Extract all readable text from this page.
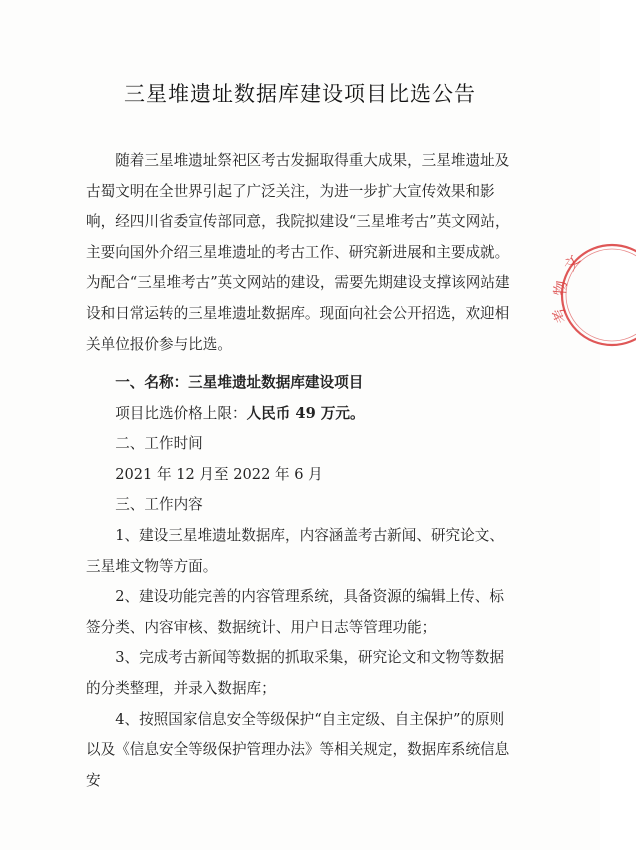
三星堆遗址数据库建设项目比选公告

随着三星堆遗址祭祀区考古发掘取得重大成果，三星堆遗址及古蜀文明在全世界引起了广泛关注，为进一步扩大宣传效果和影响，经四川省委宣传部同意，我院拟建设“三星堆考古”英文网站，主要向国外介绍三星堆遗址的考古工作、研究新进展和主要成就。为配合“三星堆考古”英文网站的建设，需要先期建设支撑该网站建设和日常运转的三星堆遗址数据库。现面向社会公开招选，欢迎相关单位报价参与比选。

一、名称：三星堆遗址数据库建设项目

项目比选价格上限：人民币 49 万元。

二、工作时间

2021 年 12 月至 2022 年 6 月

三、工作内容

1、建设三星堆遗址数据库，内容涵盖考古新闻、研究论文、三星堆文物等方面。

2、建设功能完善的内容管理系统，具备资源的编辑上传、标签分类、内容审核、数据统计、用户日志等管理功能；

3、完成考古新闻等数据的抓取采集，研究论文和文物等数据的分类整理，并录入数据库；

4、按照国家信息安全等级保护“自主定级、自主保护”的原则以及《信息安全等级保护管理办法》等相关规定，数据库系统信息安

文
物
考
